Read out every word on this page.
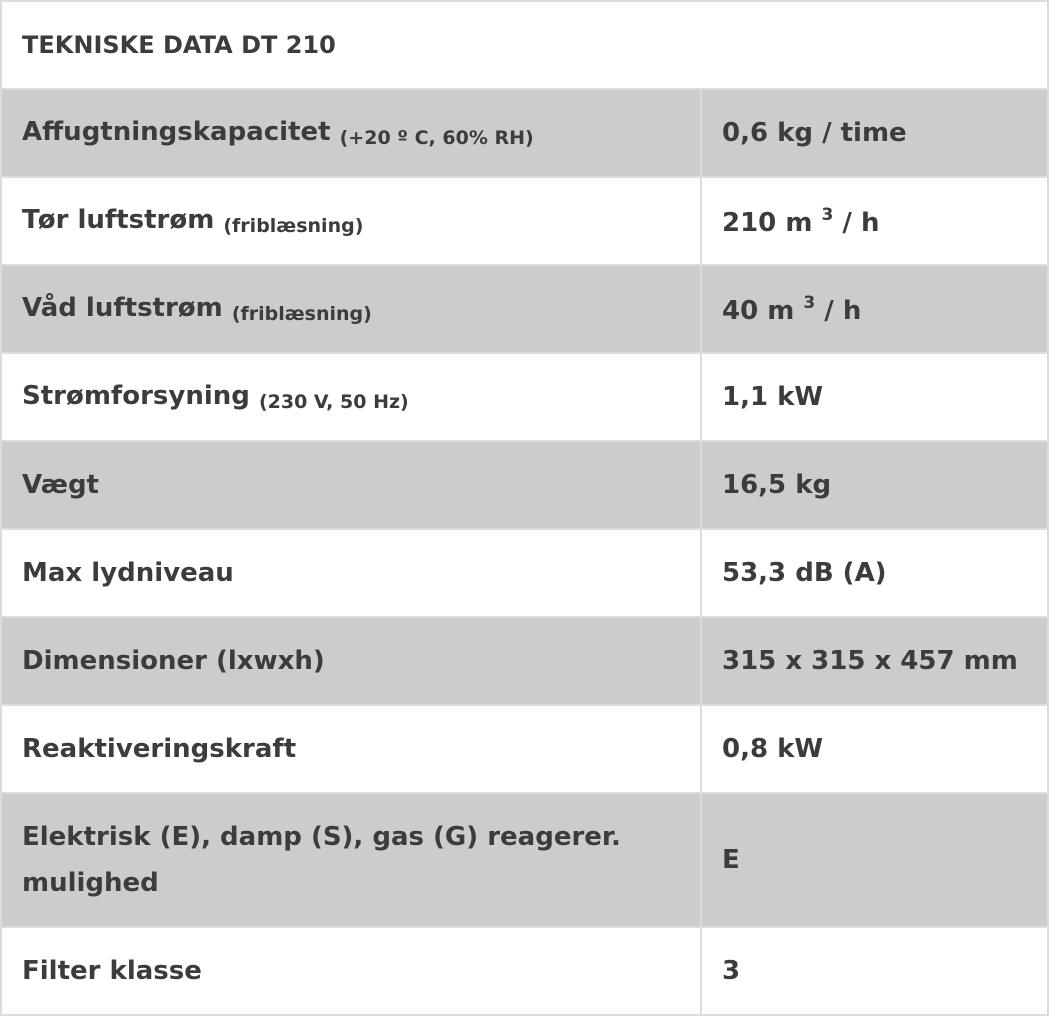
TEKNISKE DATA DT 210	
Affugtningskapacitet (+20 º C, 60% RH)	0,6 kg / time
Tør luftstrøm (friblæsning)	210 m $^3$ / h
Våd luftstrøm (friblæsning)	40 m $^3$ / h
Strømforsyning (230 V, 50 Hz)	1,1 kW
Vægt	16,5 kg
Max lydniveau	53,3 dB (A)
Dimensioner (lxwxh)	315 x 315 x 457 mm
Reaktiveringskraft	0,8 kW
Elektrisk (E), damp (S), gas (G) reagerer. mulighed	E
Filter klasse	3
